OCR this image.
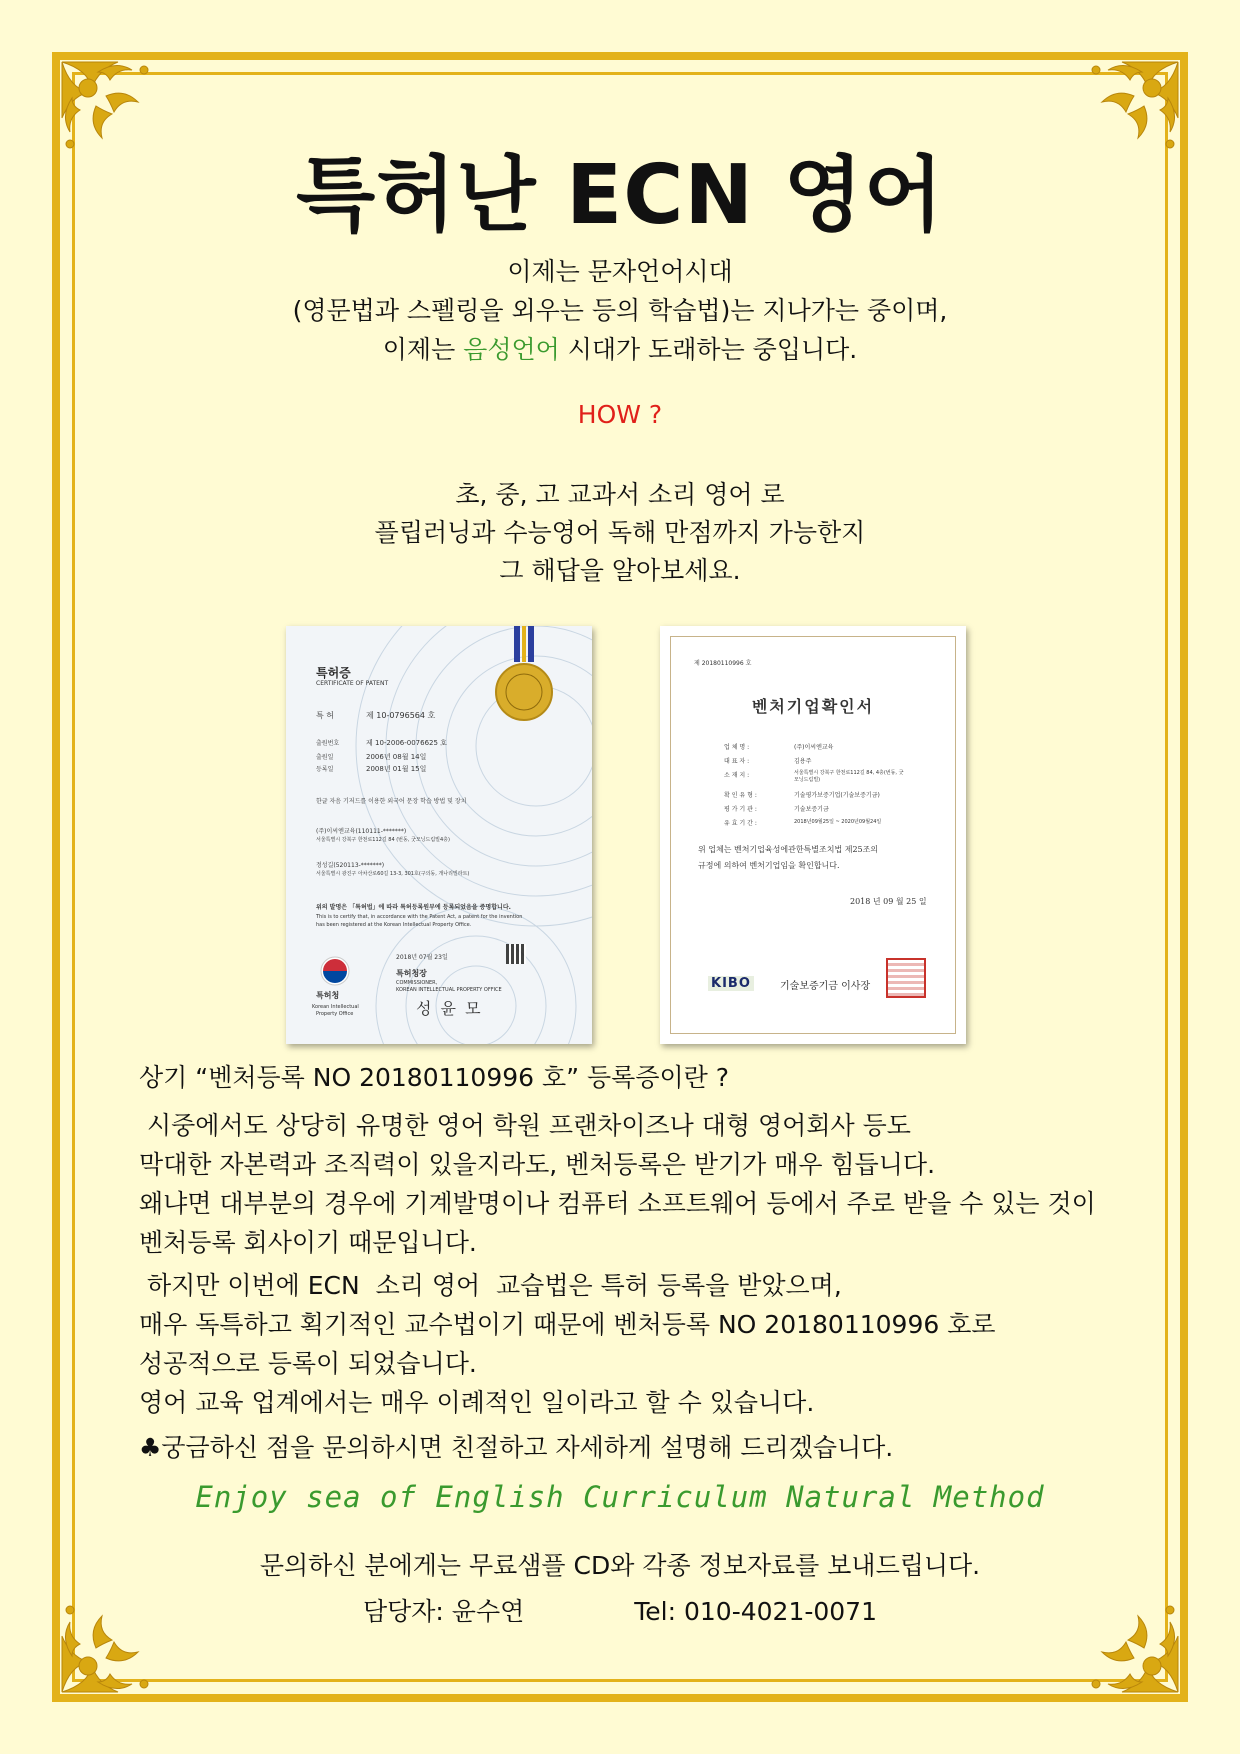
특허난 ECN 영어

이제는 문자언어시대

(영문법과 스펠링을 외우는 등의 학습법)는 지나가는 중이며,

이제는 음성언어 시대가 도래하는 중입니다.

HOW ?

초, 중, 고 교과서 소리 영어 로

플립러닝과 수능영어 독해 만점까지 가능한지

그 해답을 알아보세요.

특허증
CERTIFICATE OF PATENT
특 허	제 10-0796564 호
출원번호	제 10-2006-0076625 호
출원일	2006년 08월 14일
등록일	2008년 01월 15일
한글 자음 기저드를 이용한 외국어 문장 학습 방법 및 장치
(주)이씨엔교육(110111-*******)
서울특별시 강북구 한천로112길 84 (번동, 굿모닝드림빌4층)
정성길(520113-*******)
서울특별시 광진구 아차산로60길 13-3, 301호(구의동, 개나리빌라트)
위의 발명은 「특허법」에 따라 특허등록원부에 등록되었음을 증명합니다.
This is to certify that, in accordance with the Patent Act, a patent for the invention
has been registered at the Korean Intellectual Property Office.
2018년 07월 23일
특허청장
COMMISSIONER,
KOREAN INTELLECTUAL PROPERTY OFFICE
성 윤 모
특허청
Korean Intellectual
Property Office
제 20180110996 호
벤처기업확인서
업 체 명 :	(주)이씨엔교육
대 표 자 :	김용주
소 재 지 :	서울특별시 강북구 한천로112길 84, 4층(번동, 굿모닝드림빌)
확 인 유 형 :	기술평가보증기업(기술보증기금)
평 가 기 관 :	기술보증기금
유 효 기 간 :	2018년09월25일 ~ 2020년09월24일
위 업체는 벤처기업육성에관한특별조치법 제25조의
규정에 의하여 벤처기업임을 확인합니다.
2018 년 09 월 25 일
KIBO	기술보증기금 이사장
상기 “벤처등록 NO 20180110996 호” 등록증이란 ?

시중에서도 상당히 유명한 영어 학원 프랜차이즈나 대형 영어회사 등도

막대한 자본력과 조직력이 있을지라도, 벤처등록은 받기가 매우 힘듭니다.

왜냐면 대부분의 경우에 기계발명이나 컴퓨터 소프트웨어 등에서 주로 받을 수 있는 것이

벤처등록 회사이기 때문입니다.

하지만 이번에 ECN  소리 영어  교습법은 특허 등록을 받았으며,

매우 독특하고 획기적인 교수법이기 때문에 벤처등록 NO 20180110996 호로

성공적으로 등록이 되었습니다.

영어 교육 업계에서는 매우 이례적인 일이라고 할 수 있습니다.

♣궁금하신 점을 문의하시면 친절하고 자세하게 설명해 드리겠습니다.
Enjoy sea of English Curriculum Natural Method
문의하신 분에게는 무료샘플 CD와 각종 정보자료를 보내드립니다.
담당자: 윤수연	Tel: 010-4021-0071
